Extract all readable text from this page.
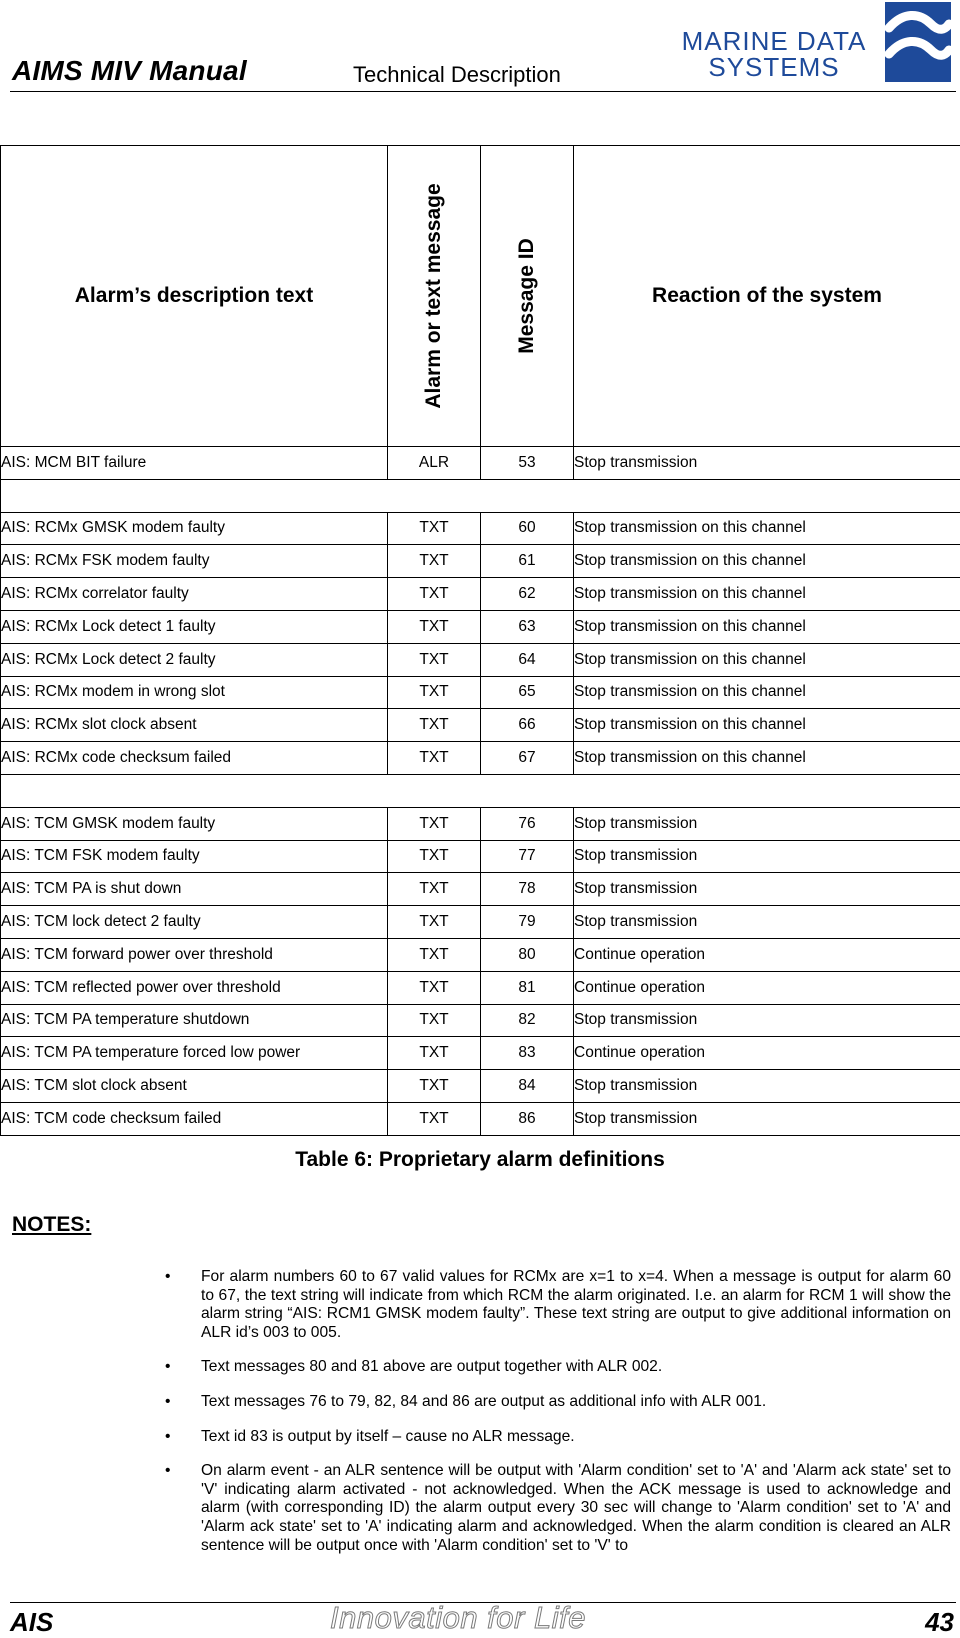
AIMS MIV Manual	Technical Description
MARINE DATA
SYSTEMS
Alarm’s description text	Alarm or text message	Message ID	Reaction of the system
AIS: MCM BIT failure	ALR	53	Stop transmission

AIS: RCMx GMSK modem faulty	TXT	60	Stop transmission on this channel
AIS: RCMx FSK modem faulty	TXT	61	Stop transmission on this channel
AIS: RCMx correlator faulty	TXT	62	Stop transmission on this channel
AIS: RCMx Lock detect 1 faulty	TXT	63	Stop transmission on this channel
AIS: RCMx Lock detect 2 faulty	TXT	64	Stop transmission on this channel
AIS: RCMx modem in wrong slot	TXT	65	Stop transmission on this channel
AIS: RCMx slot clock absent	TXT	66	Stop transmission on this channel
AIS: RCMx code checksum failed	TXT	67	Stop transmission on this channel

AIS: TCM GMSK modem faulty	TXT	76	Stop transmission
AIS: TCM FSK modem faulty	TXT	77	Stop transmission
AIS: TCM PA is shut down	TXT	78	Stop transmission
AIS: TCM lock detect 2 faulty	TXT	79	Stop transmission
AIS: TCM forward power over threshold	TXT	80	Continue operation
AIS: TCM reflected power over threshold	TXT	81	Continue operation
AIS: TCM PA temperature shutdown	TXT	82	Stop transmission
AIS: TCM PA temperature forced low power	TXT	83	Continue operation
AIS: TCM slot clock absent	TXT	84	Stop transmission
AIS: TCM code checksum failed	TXT	86	Stop transmission
Table 6: Proprietary alarm definitions
NOTES:
• For alarm numbers 60 to 67 valid values for RCMx are x=1 to x=4. When a message is output for alarm 60 to 67, the text string will indicate from which RCM the alarm originated. I.e. an alarm for RCM 1 will show the alarm string “AIS: RCM1 GMSK modem faulty”. These text string are output to give additional information on ALR id’s 003 to 005.
• Text messages 80 and 81 above are output together with ALR 002.
• Text messages 76 to 79, 82, 84 and 86 are output as additional info with ALR 001.
• Text id 83 is output by itself – cause no ALR message.
• On alarm event - an ALR sentence will be output with 'Alarm condition' set to 'A' and 'Alarm ack state' set to 'V' indicating alarm activated - not acknowledged. When the ACK message is used to acknowledge and alarm (with corresponding ID) the alarm output every 30 sec will change to 'Alarm condition' set to 'A' and 'Alarm ack state' set to 'A' indicating alarm and acknowledged. When the alarm condition is cleared an ALR sentence will be output once with 'Alarm condition' set to 'V' to
AIS	Innovation for Life	43
